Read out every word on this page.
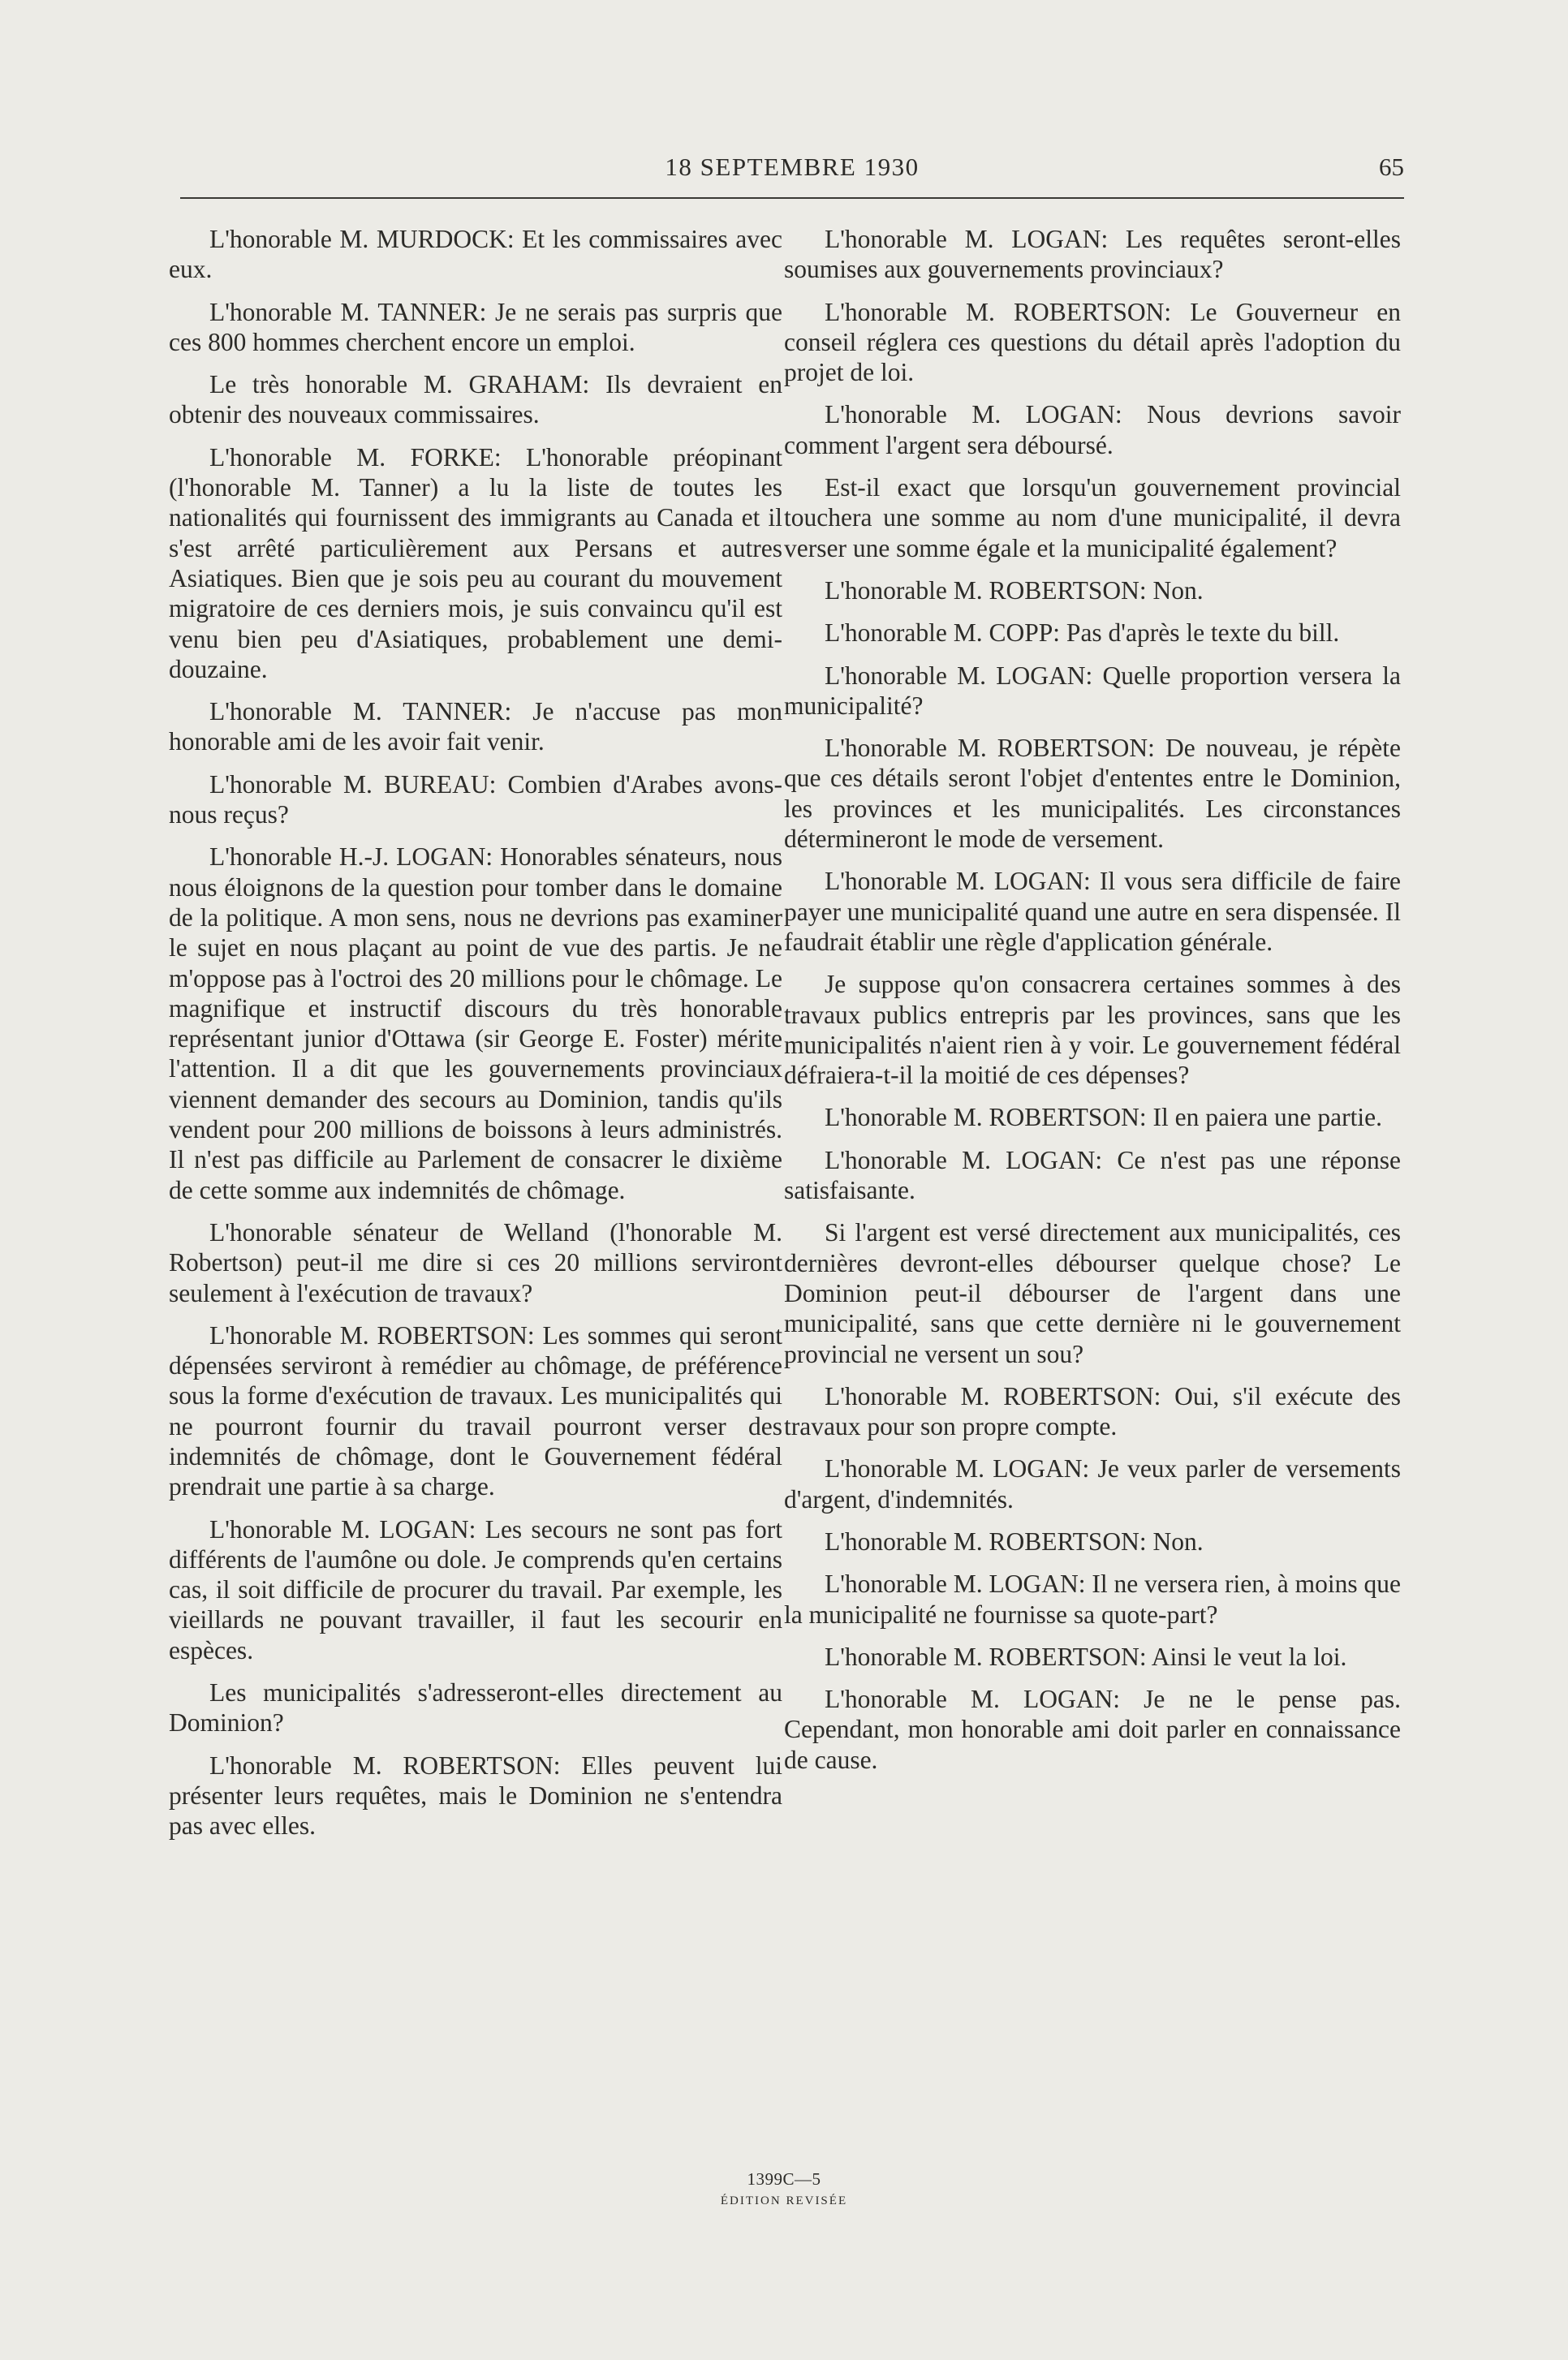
18 SEPTEMBRE 1930	65

L'honorable M. MURDOCK: Et les commissaires avec eux.

L'honorable M. TANNER: Je ne serais pas surpris que ces 800 hommes cherchent encore un emploi.

Le très honorable M. GRAHAM: Ils devraient en obtenir des nouveaux commissaires.

L'honorable M. FORKE: L'honorable préopinant (l'honorable M. Tanner) a lu la liste de toutes les nationalités qui fournissent des immigrants au Canada et il s'est arrêté particulièrement aux Persans et autres Asiatiques. Bien que je sois peu au courant du mouvement migratoire de ces derniers mois, je suis convaincu qu'il est venu bien peu d'Asiatiques, probablement une demi-douzaine.

L'honorable M. TANNER: Je n'accuse pas mon honorable ami de les avoir fait venir.

L'honorable M. BUREAU: Combien d'Arabes avons-nous reçus?

L'honorable H.-J. LOGAN: Honorables sénateurs, nous nous éloignons de la question pour tomber dans le domaine de la politique. A mon sens, nous ne devrions pas examiner le sujet en nous plaçant au point de vue des partis. Je ne m'oppose pas à l'octroi des 20 millions pour le chômage. Le magnifique et instructif discours du très honorable représentant junior d'Ottawa (sir George E. Foster) mérite l'attention. Il a dit que les gouvernements provinciaux viennent demander des secours au Dominion, tandis qu'ils vendent pour 200 millions de boissons à leurs administrés. Il n'est pas difficile au Parlement de consacrer le dixième de cette somme aux indemnités de chômage.

L'honorable sénateur de Welland (l'honorable M. Robertson) peut-il me dire si ces 20 millions serviront seulement à l'exécution de travaux?

L'honorable M. ROBERTSON: Les sommes qui seront dépensées serviront à remédier au chômage, de préférence sous la forme d'exécution de travaux. Les municipalités qui ne pourront fournir du travail pourront verser des indemnités de chômage, dont le Gouvernement fédéral prendrait une partie à sa charge.

L'honorable M. LOGAN: Les secours ne sont pas fort différents de l'aumône ou dole. Je comprends qu'en certains cas, il soit difficile de procurer du travail. Par exemple, les vieillards ne pouvant travailler, il faut les secourir en espèces.

Les municipalités s'adresseront-elles directement au Dominion?

L'honorable M. ROBERTSON: Elles peuvent lui présenter leurs requêtes, mais le Dominion ne s'entendra pas avec elles.

L'honorable M. LOGAN: Les requêtes seront-elles soumises aux gouvernements provinciaux?

L'honorable M. ROBERTSON: Le Gouverneur en conseil réglera ces questions du détail après l'adoption du projet de loi.

L'honorable M. LOGAN: Nous devrions savoir comment l'argent sera déboursé.

Est-il exact que lorsqu'un gouvernement provincial touchera une somme au nom d'une municipalité, il devra verser une somme égale et la municipalité également?

L'honorable M. ROBERTSON: Non.

L'honorable M. COPP: Pas d'après le texte du bill.

L'honorable M. LOGAN: Quelle proportion versera la municipalité?

L'honorable M. ROBERTSON: De nouveau, je répète que ces détails seront l'objet d'ententes entre le Dominion, les provinces et les municipalités. Les circonstances détermineront le mode de versement.

L'honorable M. LOGAN: Il vous sera difficile de faire payer une municipalité quand une autre en sera dispensée. Il faudrait établir une règle d'application générale.

Je suppose qu'on consacrera certaines sommes à des travaux publics entrepris par les provinces, sans que les municipalités n'aient rien à y voir. Le gouvernement fédéral défraiera-t-il la moitié de ces dépenses?

L'honorable M. ROBERTSON: Il en paiera une partie.

L'honorable M. LOGAN: Ce n'est pas une réponse satisfaisante.

Si l'argent est versé directement aux municipalités, ces dernières devront-elles débourser quelque chose? Le Dominion peut-il débourser de l'argent dans une municipalité, sans que cette dernière ni le gouvernement provincial ne versent un sou?

L'honorable M. ROBERTSON: Oui, s'il exécute des travaux pour son propre compte.

L'honorable M. LOGAN: Je veux parler de versements d'argent, d'indemnités.

L'honorable M. ROBERTSON: Non.

L'honorable M. LOGAN: Il ne versera rien, à moins que la municipalité ne fournisse sa quote-part?

L'honorable M. ROBERTSON: Ainsi le veut la loi.

L'honorable M. LOGAN: Je ne le pense pas. Cependant, mon honorable ami doit parler en connaissance de cause.

1399C—5
ÉDITION REVISÉE
